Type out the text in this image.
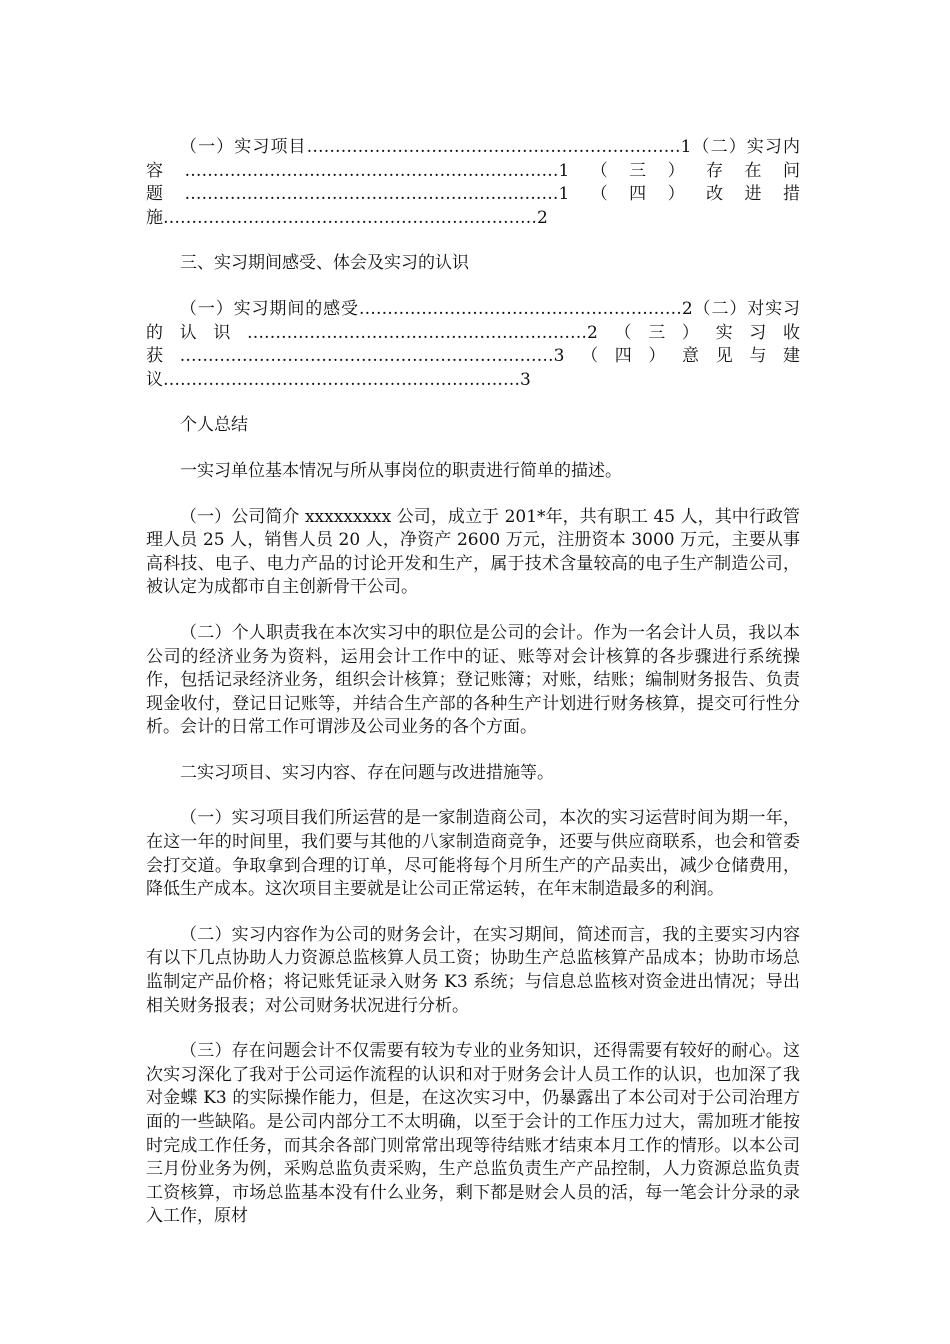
（一）实习项目…………………………………………………………1（二）实习内容…………………………………………………………1（三）存在问题…………………………………………………………1（四）改进措施…………………………………………………………2

三、实习期间感受、体会及实习的认识

（一）实习期间的感受…………………………………………………2（二）对实习的认识……………………………………………………2（三）实习收获…………………………………………………………3（四）意见与建议………………………………………………………3

个人总结

一实习单位基本情况与所从事岗位的职责进行简单的描述。

（一）公司简介 xxxxxxxxx 公司，成立于 201*年，共有职工 45 人，其中行政管理人员 25 人，销售人员 20 人，净资产 2600 万元，注册资本 3000 万元，主要从事高科技、电子、电力产品的讨论开发和生产，属于技术含量较高的电子生产制造公司，被认定为成都市自主创新骨干公司。

（二）个人职责我在本次实习中的职位是公司的会计。作为一名会计人员，我以本公司的经济业务为资料，运用会计工作中的证、账等对会计核算的各步骤进行系统操作，包括记录经济业务，组织会计核算；登记账簿；对账，结账；编制财务报告、负责现金收付，登记日记账等，并结合生产部的各种生产计划进行财务核算，提交可行性分析。会计的日常工作可谓涉及公司业务的各个方面。

二实习项目、实习内容、存在问题与改进措施等。

（一）实习项目我们所运营的是一家制造商公司，本次的实习运营时间为期一年，在这一年的时间里，我们要与其他的八家制造商竞争，还要与供应商联系，也会和管委会打交道。争取拿到合理的订单，尽可能将每个月所生产的产品卖出，减少仓储费用，降低生产成本。这次项目主要就是让公司正常运转，在年末制造最多的利润。

（二）实习内容作为公司的财务会计，在实习期间，简述而言，我的主要实习内容有以下几点协助人力资源总监核算人员工资；协助生产总监核算产品成本；协助市场总监制定产品价格；将记账凭证录入财务 K3 系统；与信息总监核对资金进出情况；导出相关财务报表；对公司财务状况进行分析。

（三）存在问题会计不仅需要有较为专业的业务知识，还得需要有较好的耐心。这次实习深化了我对于公司运作流程的认识和对于财务会计人员工作的认识，也加深了我对金蝶 K3 的实际操作能力，但是，在这次实习中，仍暴露出了本公司对于公司治理方面的一些缺陷。是公司内部分工不太明确，以至于会计的工作压力过大，需加班才能按时完成工作任务，而其余各部门则常常出现等待结账才结束本月工作的情形。以本公司三月份业务为例，采购总监负责采购，生产总监负责生产产品控制，人力资源总监负责工资核算，市场总监基本没有什么业务，剩下都是财会人员的活，每一笔会计分录的录入工作，原材
